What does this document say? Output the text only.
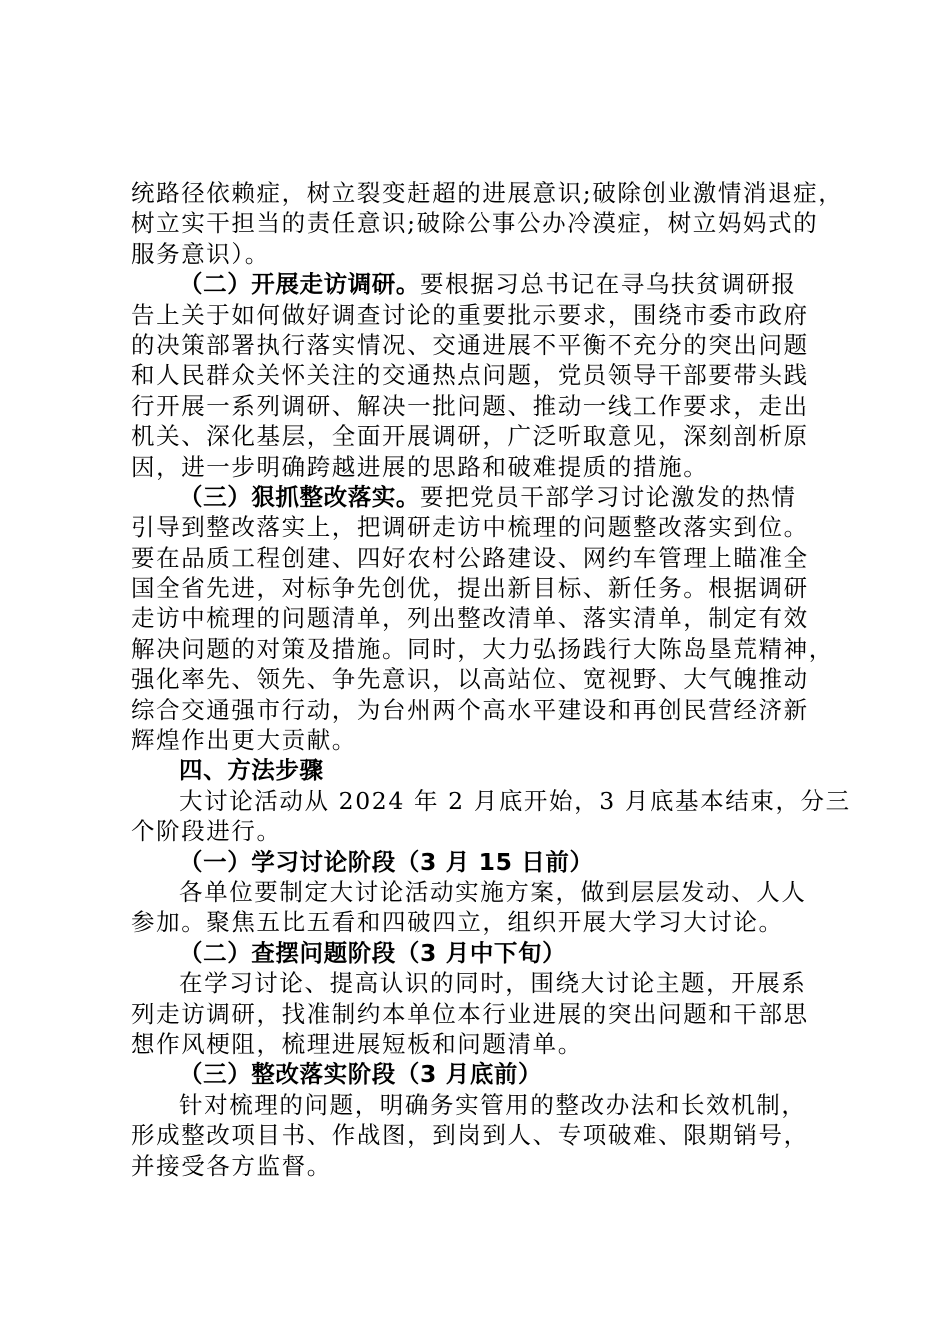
统路径依赖症，树立裂变赶超的进展意识;破除创业激情消退症，
树立实干担当的责任意识;破除公事公办冷漠症，树立妈妈式的
服务意识）。
（二）开展走访调研。要根据习总书记在寻乌扶贫调研报
告上关于如何做好调查讨论的重要批示要求，围绕市委市政府
的决策部署执行落实情况、交通进展不平衡不充分的突出问题
和人民群众关怀关注的交通热点问题，党员领导干部要带头践
行开展一系列调研、解决一批问题、推动一线工作要求，走出
机关、深化基层，全面开展调研，广泛听取意见，深刻剖析原
因，进一步明确跨越进展的思路和破难提质的措施。
（三）狠抓整改落实。要把党员干部学习讨论激发的热情
引导到整改落实上，把调研走访中梳理的问题整改落实到位。
要在品质工程创建、四好农村公路建设、网约车管理上瞄准全
国全省先进，对标争先创优，提出新目标、新任务。根据调研
走访中梳理的问题清单，列出整改清单、落实清单，制定有效
解决问题的对策及措施。同时，大力弘扬践行大陈岛垦荒精神，
强化率先、领先、争先意识，以高站位、宽视野、大气魄推动
综合交通强市行动，为台州两个高水平建设和再创民营经济新
辉煌作出更大贡献。
四、方法步骤
大讨论活动从 2024 年 2 月底开始，3 月底基本结束，分三
个阶段进行。
（一）学习讨论阶段（3 月 15 日前）
各单位要制定大讨论活动实施方案，做到层层发动、人人
参加。聚焦五比五看和四破四立，组织开展大学习大讨论。
（二）查摆问题阶段（3 月中下旬）
在学习讨论、提高认识的同时，围绕大讨论主题，开展系
列走访调研，找准制约本单位本行业进展的突出问题和干部思
想作风梗阻，梳理进展短板和问题清单。
（三）整改落实阶段（3 月底前）
针对梳理的问题，明确务实管用的整改办法和长效机制，
形成整改项目书、作战图，到岗到人、专项破难、限期销号，
并接受各方监督。
